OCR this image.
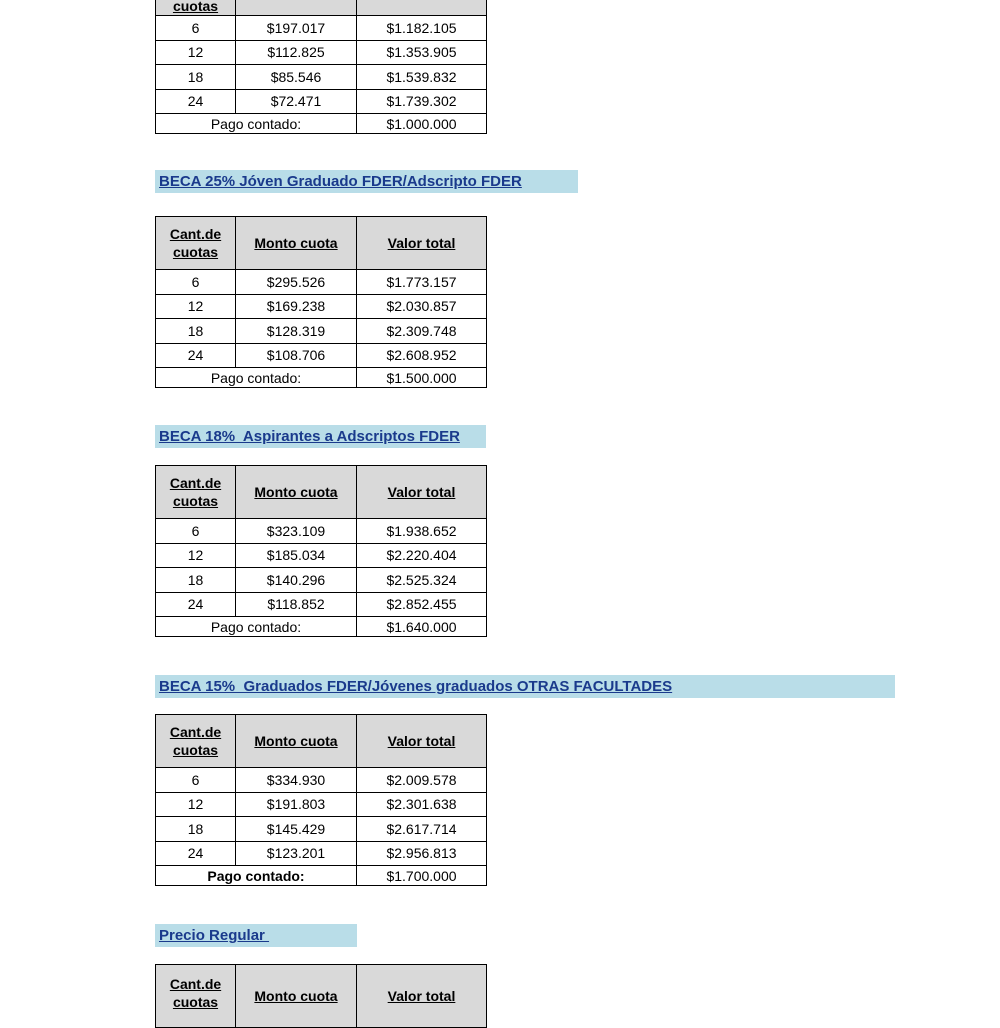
cuotas		
6	$197.017	$1.182.105
12	$112.825	$1.353.905
18	$85.546	$1.539.832
24	$72.471	$1.739.302
Pago contado:		$1.000.000
BECA 25% Jóven Graduado FDER/Adscripto FDER
Cant.de cuotas	Monto cuota	Valor total
6	$295.526	$1.773.157
12	$169.238	$2.030.857
18	$128.319	$2.309.748
24	$108.706	$2.608.952
Pago contado:		$1.500.000
BECA 18%  Aspirantes a Adscriptos FDER
Cant.de cuotas	Monto cuota	Valor total
6	$323.109	$1.938.652
12	$185.034	$2.220.404
18	$140.296	$2.525.324
24	$118.852	$2.852.455
Pago contado:		$1.640.000
BECA 15%  Graduados FDER/Jóvenes graduados OTRAS FACULTADES
Cant.de cuotas	Monto cuota	Valor total
6	$334.930	$2.009.578
12	$191.803	$2.301.638
18	$145.429	$2.617.714
24	$123.201	$2.956.813
Pago contado:		$1.700.000
Precio Regular
Cant.de cuotas	Monto cuota	Valor total
